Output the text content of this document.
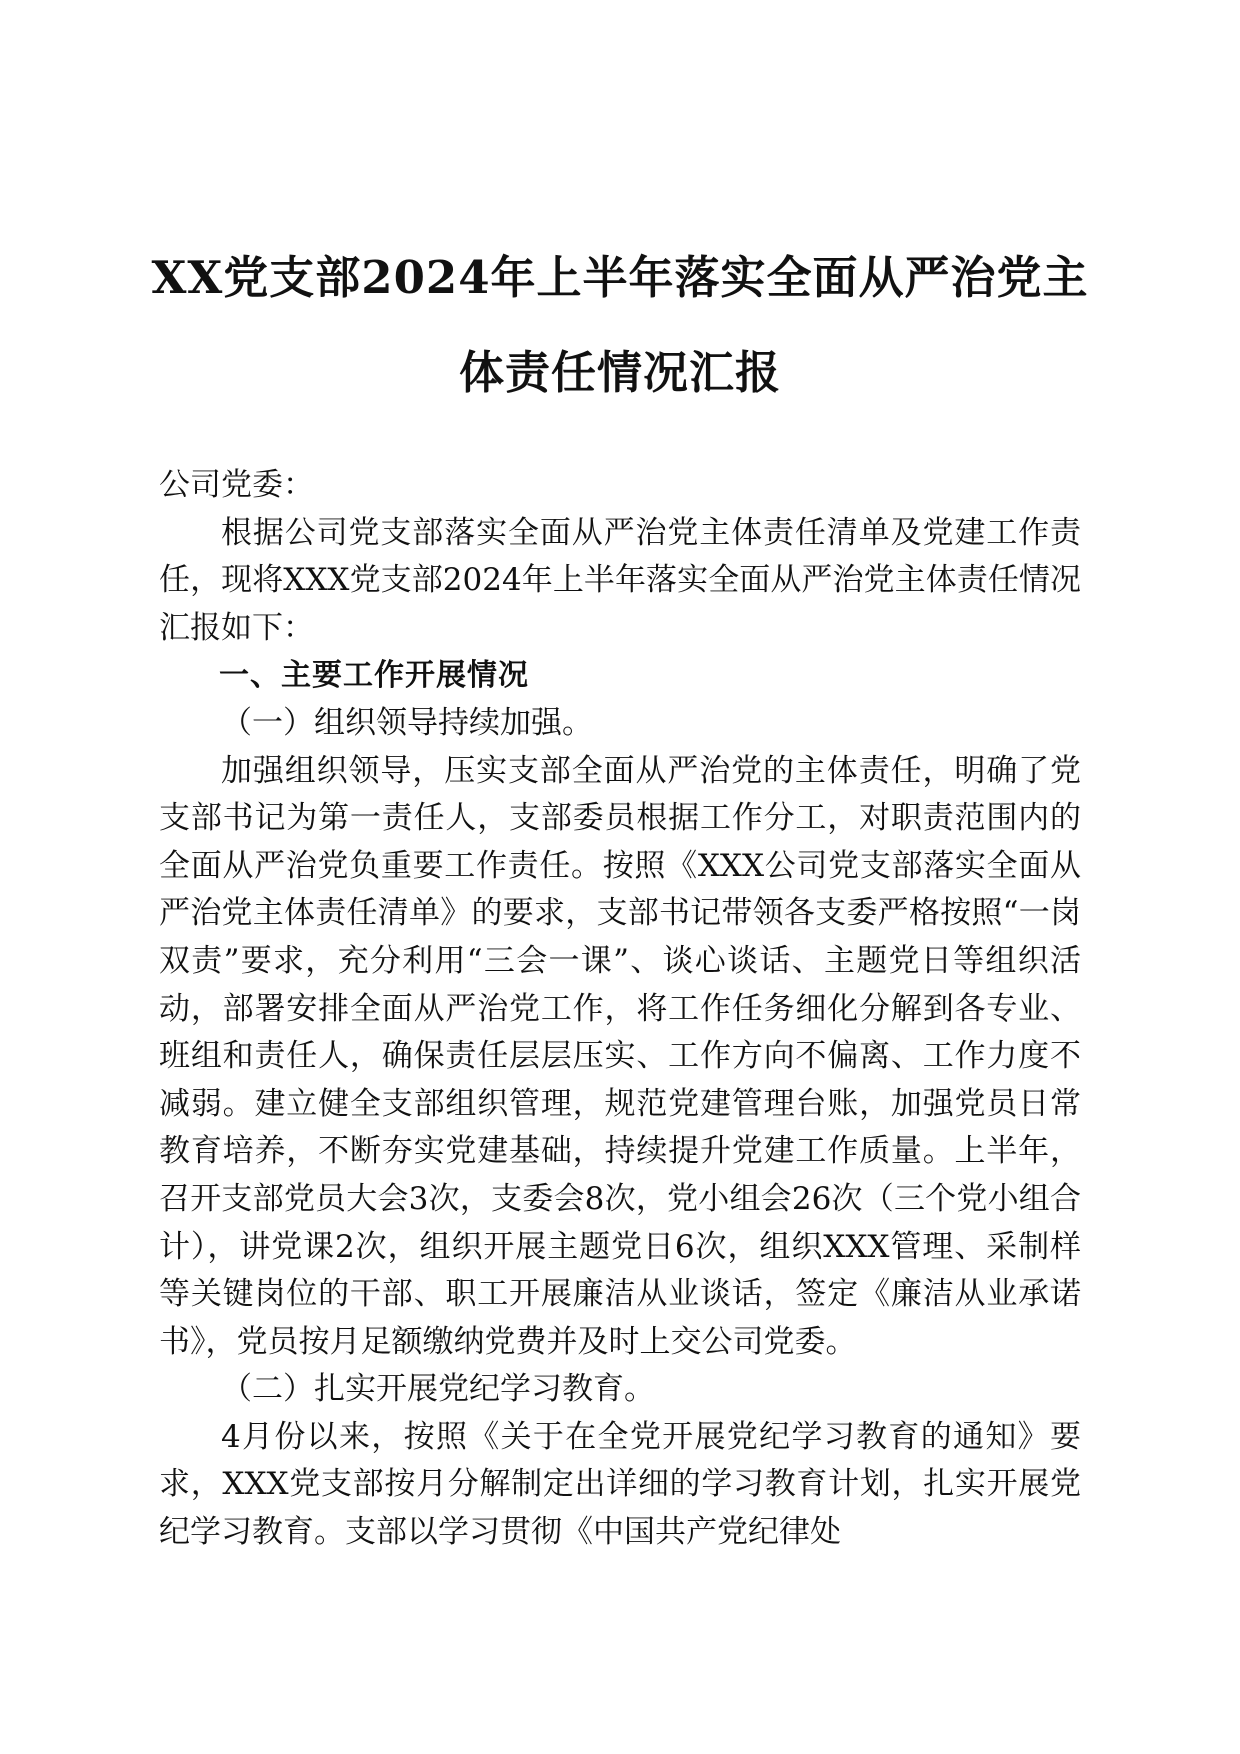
XX党支部2024年上半年落实全面从严治党主
体责任情况汇报

公司党委：

根据公司党支部落实全面从严治党主体责任清单及党建工作责任，现将XXX党支部2024年上半年落实全面从严治党主体责任情况汇报如下：

一、主要工作开展情况

（一）组织领导持续加强。

加强组织领导，压实支部全面从严治党的主体责任，明确了党支部书记为第一责任人，支部委员根据工作分工，对职责范围内的全面从严治党负重要工作责任。按照《XXX公司党支部落实全面从严治党主体责任清单》的要求，支部书记带领各支委严格按照“一岗双责”要求，充分利用“三会一课”、谈心谈话、主题党日等组织活动，部署安排全面从严治党工作，将工作任务细化分解到各专业、班组和责任人，确保责任层层压实、工作方向不偏离、工作力度不减弱。建立健全支部组织管理，规范党建管理台账，加强党员日常教育培养，不断夯实党建基础，持续提升党建工作质量。上半年，召开支部党员大会3次，支委会8次，党小组会26次（三个党小组合计），讲党课2次，组织开展主题党日6次，组织XXX管理、采制样等关键岗位的干部、职工开展廉洁从业谈话，签定《廉洁从业承诺书》，党员按月足额缴纳党费并及时上交公司党委。

（二）扎实开展党纪学习教育。

4月份以来，按照《关于在全党开展党纪学习教育的通知》要求，XXX党支部按月分解制定出详细的学习教育计划，扎实开展党纪学习教育。支部以学习贯彻《中国共产党纪律处
